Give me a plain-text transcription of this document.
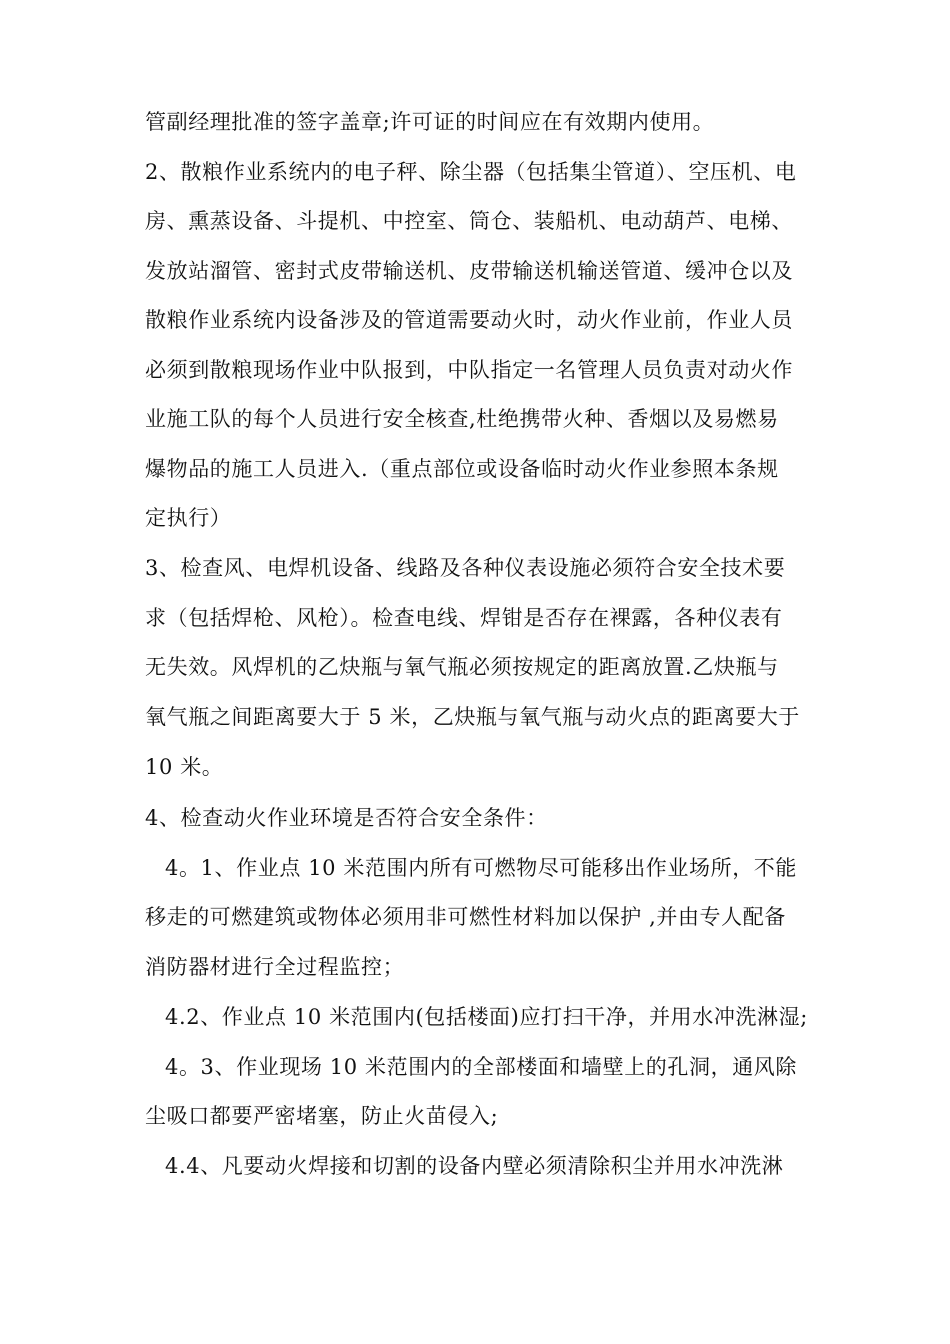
管副经理批准的签字盖章;许可证的时间应在有效期内使用。
2、散粮作业系统内的电子秤、除尘器（包括集尘管道）、空压机、电
房、熏蒸设备、斗提机、中控室、筒仓、装船机、电动葫芦、电梯、
发放站溜管、密封式皮带输送机、皮带输送机输送管道、缓冲仓以及
散粮作业系统内设备涉及的管道需要动火时，动火作业前，作业人员
必须到散粮现场作业中队报到，中队指定一名管理人员负责对动火作
业施工队的每个人员进行安全核查,杜绝携带火种、香烟以及易燃易
爆物品的施工人员进入.（重点部位或设备临时动火作业参照本条规
定执行）
3、检查风、电焊机设备、线路及各种仪表设施必须符合安全技术要
求（包括焊枪、风枪）。检查电线、焊钳是否存在裸露，各种仪表有
无失效。风焊机的乙炔瓶与氧气瓶必须按规定的距离放置.乙炔瓶与
氧气瓶之间距离要大于 5 米，乙炔瓶与氧气瓶与动火点的距离要大于
10 米。
4、检查动火作业环境是否符合安全条件：
4。1、作业点 10 米范围内所有可燃物尽可能移出作业场所，不能
移走的可燃建筑或物体必须用非可燃性材料加以保护 ,并由专人配备
消防器材进行全过程监控；
4.2、作业点 10 米范围内(包括楼面)应打扫干净，并用水冲洗淋湿;
4。3、作业现场 10 米范围内的全部楼面和墙壁上的孔洞，通风除
尘吸口都要严密堵塞，防止火苗侵入;
4.4、凡要动火焊接和切割的设备内壁必须清除积尘并用水冲洗淋
